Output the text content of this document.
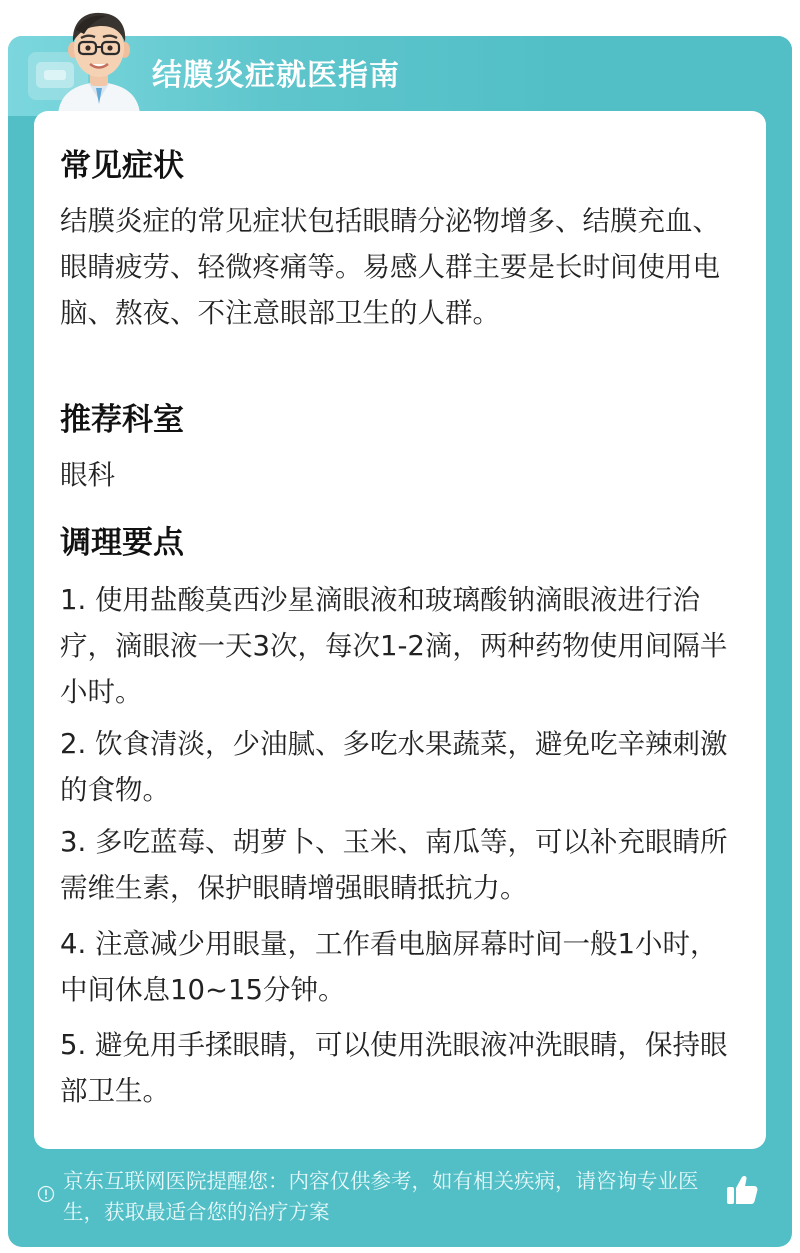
结膜炎症就医指南
常见症状
结膜炎症的常见症状包括眼睛分泌物增多、结膜充血、眼睛疲劳、轻微疼痛等。易感人群主要是长时间使用电脑、熬夜、不注意眼部卫生的人群。
推荐科室
眼科
调理要点
1. 使用盐酸莫西沙星滴眼液和玻璃酸钠滴眼液进行治疗，滴眼液一天3次，每次1-2滴，两种药物使用间隔半小时。
2. 饮食清淡，少油腻、多吃水果蔬菜，避免吃辛辣刺激的食物。
3. 多吃蓝莓、胡萝卜、玉米、南瓜等，可以补充眼睛所需维生素，保护眼睛增强眼睛抵抗力。
4. 注意减少用眼量，工作看电脑屏幕时间一般1小时，中间休息10~15分钟。
5. 避免用手揉眼睛，可以使用洗眼液冲洗眼睛，保持眼部卫生。
京东互联网医院提醒您：内容仅供参考，如有相关疾病，请咨询专业医生，获取最适合您的治疗方案
